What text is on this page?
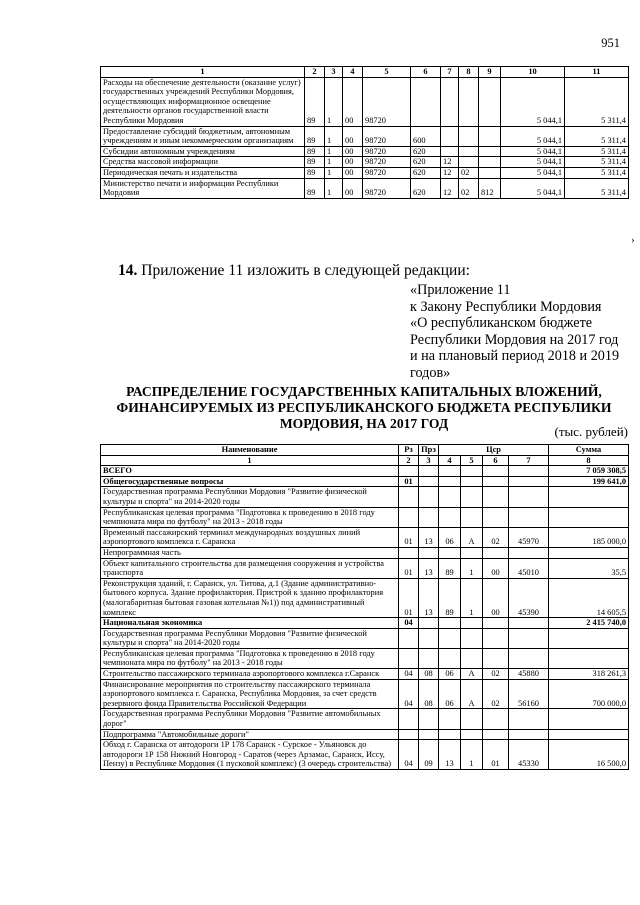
951
1	2	3	4	5	6	7	8	9	10	11
Расходы на обеспечение деятельности (оказание услуг) государственных учреждений Республики Мордовия, осуществляющих информационное освещение деятельности органов государственной власти Республики Мордовия	89	1	00	98720					5 044,1	5 311,4
Предоставление субсидий бюджетным, автономным учреждениям и иным некоммерческим организациям	89	1	00	98720	600				5 044,1	5 311,4
Субсидии автономным учреждениям	89	1	00	98720	620				5 044,1	5 311,4
Средства массовой информации	89	1	00	98720	620	12			5 044,1	5 311,4
Периодическая печать и издательства	89	1	00	98720	620	12	02		5 044,1	5 311,4
Министерство печати и информации Республики Мордовия	89	1	00	98720	620	12	02	812	5 044,1	5 311,4
›
14. Приложение 11 изложить в следующей редакции:
«Приложение 11
к Закону Республики Мордовия
«О республиканском бюджете
Республики Мордовия на 2017 год
и на плановый период 2018 и 2019
годов»
РАСПРЕДЕЛЕНИЕ ГОСУДАРСТВЕННЫХ КАПИТАЛЬНЫХ ВЛОЖЕНИЙ,
ФИНАНСИРУЕМЫХ ИЗ РЕСПУБЛИКАНСКОГО БЮДЖЕТА РЕСПУБЛИКИ
МОРДОВИЯ, НА 2017 ГОД
(тыс. рублей)
Наименование	Рз	Прз	Цср				Сумма
1	2	3	4	5	6	7	8
ВСЕГО							7 059 308,5
Общегосударственные вопросы	01						199 641,0
Государственная программа Республики Мордовия "Развитие физической культуры и спорта" на 2014-2020 годы							
Республиканская целевая программа "Подготовка к проведению в 2018 году чемпионата мира по футболу" на 2013 - 2018 годы							
Временный пассажирский терминал международных воздушных линий аэропортового комплекса г. Саранска	01	13	06	А	02	45970	185 000,0
Непрограммная часть							
Объект капитального строительства для размещения сооружения и устройства транспорта	01	13	89	1	00	45010	35,5
Реконструкция зданий, г. Саранск, ул. Титова, д.1 (Здание административно-бытового корпуса. Здание профилактория. Пристрой к зданию профилактория (малогабаритная бытовая газовая котельная №1)) под административный комплекс	01	13	89	1	00	45390	14 605,5
Национальная экономика	04						2 415 740,0
Государственная программа Республики Мордовия "Развитие физической культуры и спорта" на 2014-2020 годы							
Республиканская целевая программа "Подготовка к проведению в 2018 году чемпионата мира по футболу" на 2013 - 2018 годы							
Строительство пассажирского терминала аэропортового комплекса г.Саранск	04	08	06	А	02	45880	318 261,3
Финансирование мероприятия по строительству пассажирского терминала аэропортового комплекса г. Саранска, Республика Мордовия, за счет средств резервного фонда Правительства Российской Федерации	04	08	06	А	02	56160	700 000,0
Государственная программа Республики Мордовия "Развитие автомобильных дорог"							
Подпрограмма "Автомобильные дороги"							
Обход г. Саранска от автодороги 1Р 178 Саранск - Сурское - Ульяновск до автодороги 1Р 158 Нижний Новгород - Саратов (через Арзамас, Саранск, Иссу, Пензу) в Республике Мордовия (1 пусковой комплекс) (3 очередь строительства)	04	09	13	1	01	45330	16 500,0
